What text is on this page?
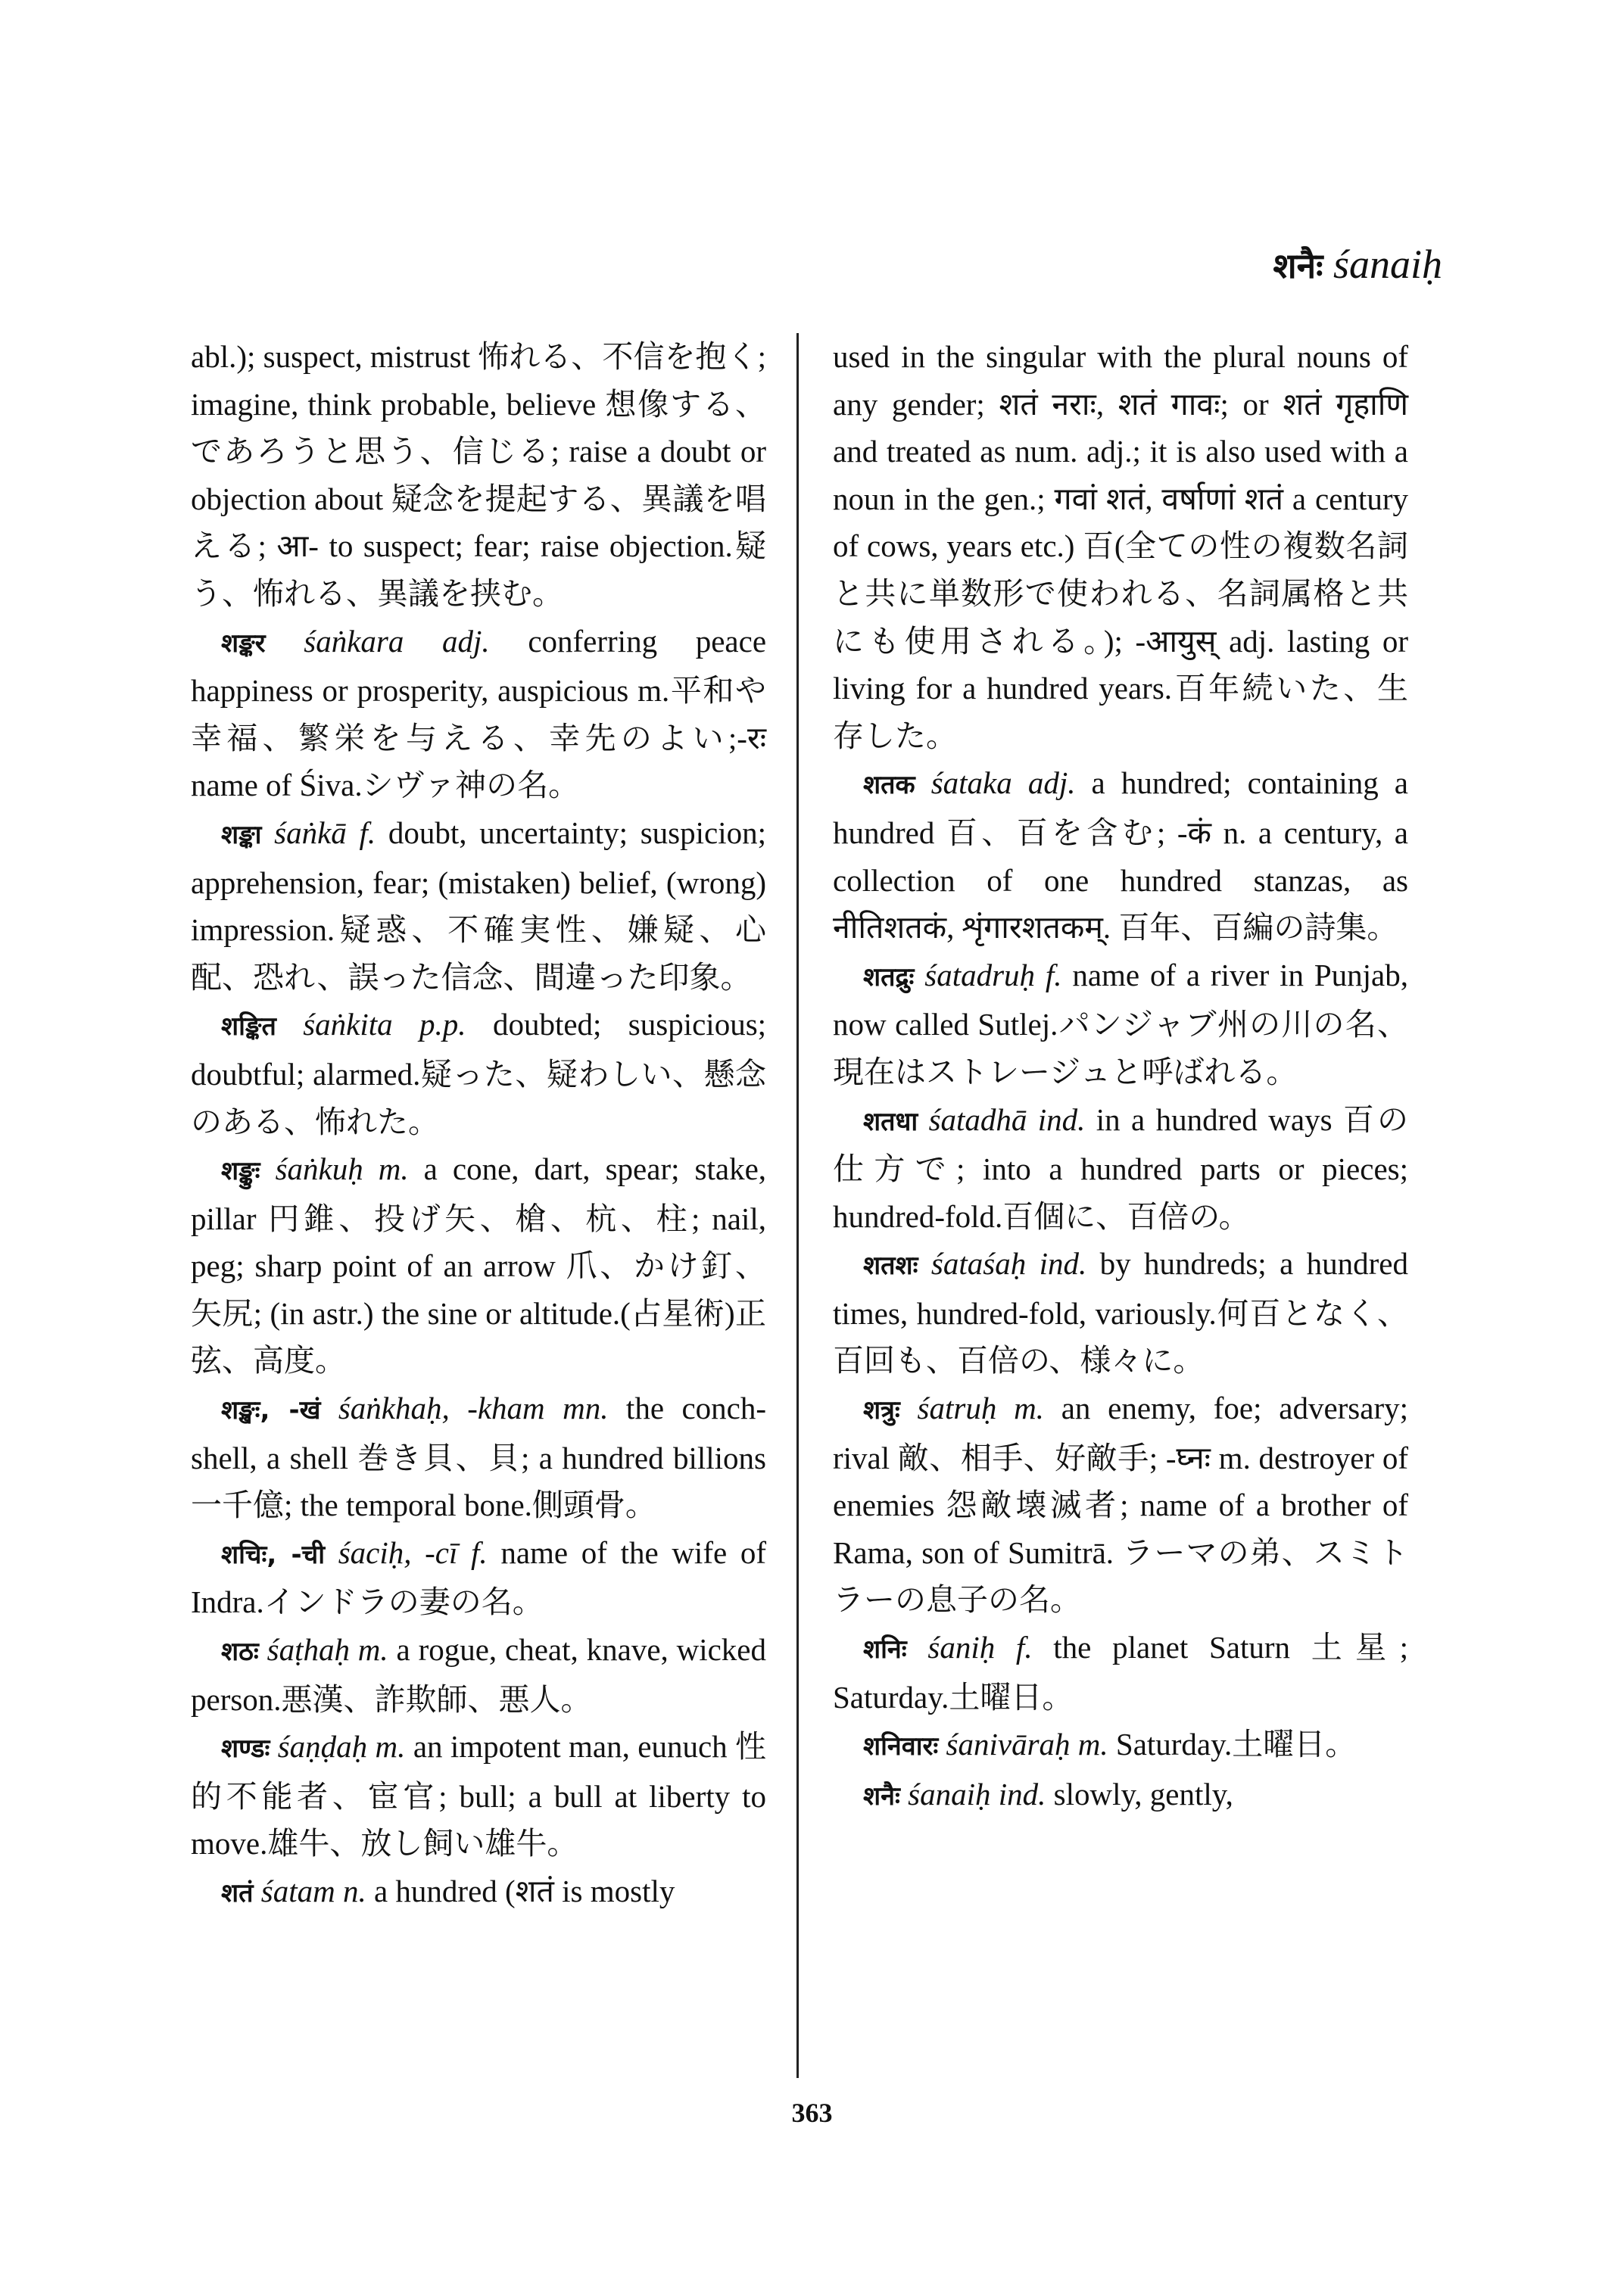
शनैः śanaiḥ

abl.); suspect, mistrust 怖れる、不信を抱く; imagine, think probable, believe 想像する、であろうと思う、信じる; raise a doubt or objection about 疑念を提起する、異議を唱える; आ- to suspect; fear; raise objection.疑う、怖れる、異議を挟む。

शङ्कर śaṅkara adj. conferring peace happiness or prosperity, auspicious m.平和や幸福、繁栄を与える、幸先のよい;-रः name of Śiva.シヴァ神の名。

शङ्का śaṅkā f. doubt, uncertainty; suspicion; apprehension, fear; (mistaken) belief, (wrong) impression.疑惑、不確実性、嫌疑、心配、恐れ、誤った信念、間違った印象。

शङ्कित śaṅkita p.p. doubted; suspicious; doubtful; alarmed.疑った、疑わしい、懸念のある、怖れた。

शङ्कुः śaṅkuḥ m. a cone, dart, spear; stake, pillar 円錐、投げ矢、槍、杭、柱; nail, peg; sharp point of an arrow 爪、かけ釘、矢尻; (in astr.) the sine or altitude.(占星術)正弦、高度。

शङ्खः, -खं śaṅkhaḥ, -kham mn. the conch-shell, a shell 巻き貝、貝; a hundred billions 一千億; the temporal bone.側頭骨。

शचिः, -ची śaciḥ, -cī f. name of the wife of Indra.インドラの妻の名。

शठः śaṭhaḥ m. a rogue, cheat, knave, wicked person.悪漢、詐欺師、悪人。

शण्डः śaṇḍaḥ m. an impotent man, eunuch 性的不能者、宦官; bull; a bull at liberty to move.雄牛、放し飼い雄牛。

शतं śatam n. a hundred (शतं is mostly

used in the singular with the plural nouns of any gender; शतं नराः, शतं गावः; or शतं गृहाणि and treated as num. adj.; it is also used with a noun in the gen.; गवां शतं, वर्षाणां शतं a century of cows, years etc.) 百(全ての性の複数名詞と共に単数形で使われる、名詞属格と共にも使用される。); -आयुस् adj. lasting or living for a hundred years.百年続いた、生存した。

शतक śataka adj. a hundred; containing a hundred 百、百を含む; -कं n. a century, a collection of one hundred stanzas, as नीतिशतकं, शृंगारशतकम्. 百年、百編の詩集。

शतद्रुः śatadruḥ f. name of a river in Punjab, now called Sutlej.パンジャブ州の川の名、現在はストレージュと呼ばれる。

शतधा śatadhā ind. in a hundred ways 百の仕方で; into a hundred parts or pieces; hundred-fold.百個に、百倍の。

शतशः śataśaḥ ind. by hundreds; a hundred times, hundred-fold, variously.何百となく、百回も、百倍の、様々に。

शत्रुः śatruḥ m. an enemy, foe; adversary; rival 敵、相手、好敵手; -घ्नः m. destroyer of enemies 怨敵壊滅者; name of a brother of Rama, son of Sumitrā. ラーマの弟、スミトラーの息子の名。

शनिः śaniḥ f. the planet Saturn 土星; Saturday.土曜日。

शनिवारः śanivāraḥ m. Saturday.土曜日。

शनैः śanaiḥ ind. slowly, gently,

363
